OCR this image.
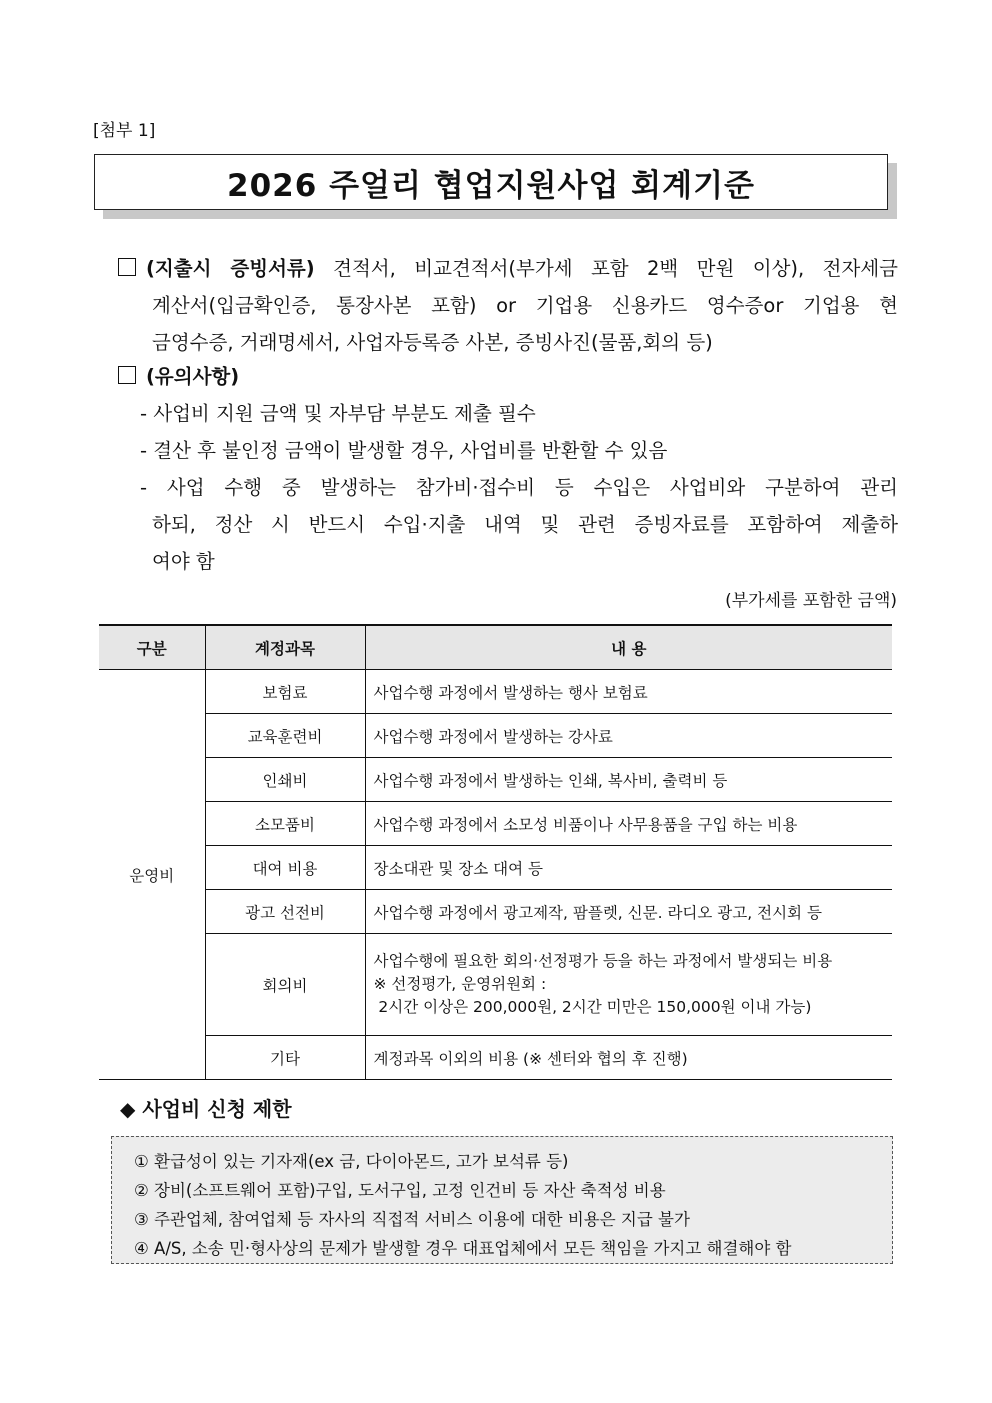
[첨부 1]
2026 주얼리 협업지원사업 회계기준
(지출시 증빙서류) 견적서, 비교견적서(부가세 포함 2백 만원 이상), 전자세금
계산서(입금확인증, 통장사본 포함) or 기업용 신용카드 영수증or 기업용 현
금영수증, 거래명세서, 사업자등록증 사본, 증빙사진(물품,회의 등)
(유의사항)
- 사업비 지원 금액 및 자부담 부분도 제출 필수
- 결산 후 불인정 금액이 발생할 경우, 사업비를 반환할 수 있음
- 사업 수행 중 발생하는 참가비·접수비 등 수입은 사업비와 구분하여 관리
하되, 정산 시 반드시 수입·지출 내역 및 관련 증빙자료를 포함하여 제출하
여야 함
(부가세를 포함한 금액)
구분	계정과목	내 용
운영비	보험료	사업수행 과정에서 발생하는 행사 보험료
	교육훈련비	사업수행 과정에서 발생하는 강사료
	인쇄비	사업수행 과정에서 발생하는 인쇄, 복사비, 출력비 등
	소모품비	사업수행 과정에서 소모성 비품이나 사무용품을 구입 하는 비용
	대여 비용	장소대관 및 장소 대여 등
	광고 선전비	사업수행 과정에서 광고제작, 팜플렛, 신문. 라디오 광고, 전시회 등
	회의비	사업수행에 필요한 회의·선정평가 등을 하는 과정에서 발생되는 비용
※ 선정평가, 운영위원회 :
2시간 이상은 200,000원, 2시간 미만은 150,000원 이내 가능)

	기타	계정과목 이외의 비용 (※ 센터와 협의 후 진행)
◆ 사업비 신청 제한
① 환급성이 있는 기자재(ex 금, 다이아몬드, 고가 보석류 등)
② 장비(소프트웨어 포함)구입, 도서구입, 고정 인건비 등 자산 축적성 비용
③ 주관업체, 참여업체 등 자사의 직접적 서비스 이용에 대한 비용은 지급 불가
④ A/S, 소송 민·형사상의 문제가 발생할 경우 대표업체에서 모든 책임을 가지고 해결해야 함
